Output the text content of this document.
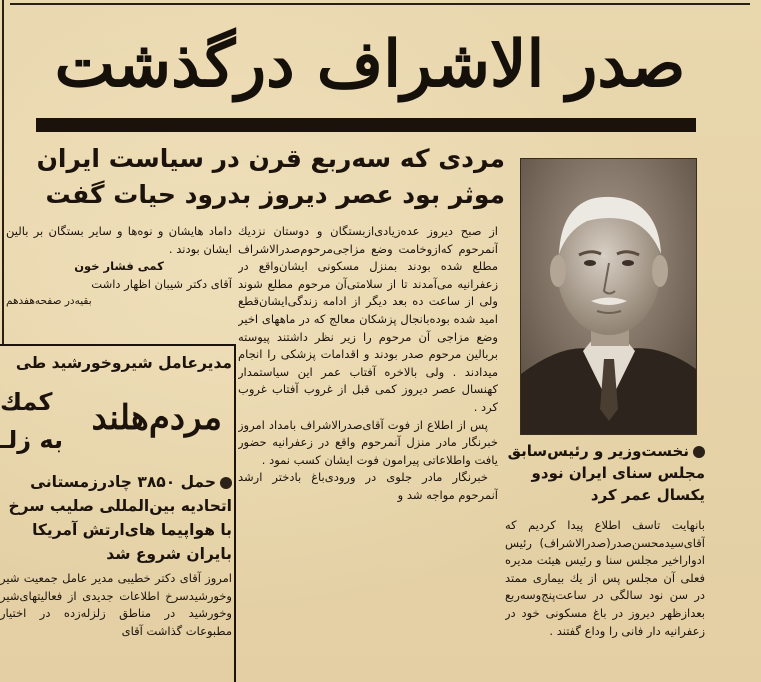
صدر الاشراف درگذشت
مردی که سه‌ربع قرن در سیاست ایران
موثر بود عصر دیروز بدرود حیات گفت

از صبح دیروز عده‌زیادی‌ازبستگان و دوستان نزدیك آنمرحوم که‌ازوخامت وضع مزاجی‌مرحوم‌صدرالاشراف مطلع شده بودند بمنزل مسکونی ایشان‌واقع در زعفرانیه می‌آمدند تا از سلامتی‌آن مرحوم مطلع شوند ولی از ساعت ده بعد دیگر از ادامه زندگی‌ایشان‌قطع امید شده بوده‌بانجال پزشکان معالج که در ماههای اخیر وضع مزاجی آن مرحوم را زیر نظر داشتند پیوسته بربالین مرحوم صدر بودند و اقدامات پزشکی را انجام میدادند . ولی بالاخره آفتاب عمر این سیاستمدار کهنسال عصر دیروز کمی قبل از غروب آفتاب غروب کرد .

پس از اطلاع از فوت آقای‌صدر‌الاشراف بامداد امروز خبرنگار مادر منزل آنمرحوم واقع در زعفرانیه حضور یافت واطلاعاتی پیرامون فوت ایشان کسب نمود .

خبرنگار مادر جلوی در ورودی‌باغ بادختر ارشد آنمرحوم مواجه شد و

داماد هایشان و نوه‌ها و سایر بستگان بر بالین ایشان بودند .

کمی فشار خون

آقای دکتر شیبان اظهار داشت

بقیه‌در صفحه‌هفدهم

نخست‌وزیر و رئیس‌سابق مجلس سنای ایران نودو یکسال عمر کرد

بانهایت تاسف اطلاع پیدا کردیم که آقای‌سیدمحسن‌صدر(صدرالاشراف) رئیس ادوار‌اخیر مجلس سنا و رئیس هیئت مدیره فعلی آن مجلس پس از یك بیماری ممتد در سن نود سالگی در ساعت‌پنج‌وسه‌ربع بعدازظهر دیروز در باغ مسکونی خود در زعفرانیه دار فانی را وداع گفتند .

مدیرعامل شیروخورشید طی
مردم‌هلند
کمك
به زلـ
حمل ۳۸۵۰ چادرزمستانی اتحادیه بین‌المللی صلیب سرخ با هواپیما های‌ارتش آمریکا بایران شروع شد

امروز آقای دکتر خطیبی مدیر عامل جمعیت شیر وخورشیدسرخ اطلاعات جدیدی از فعالیتهای‌شیر وخورشید در مناطق زلزله‌زده در اختیار مطبوعات گذاشت آقای
